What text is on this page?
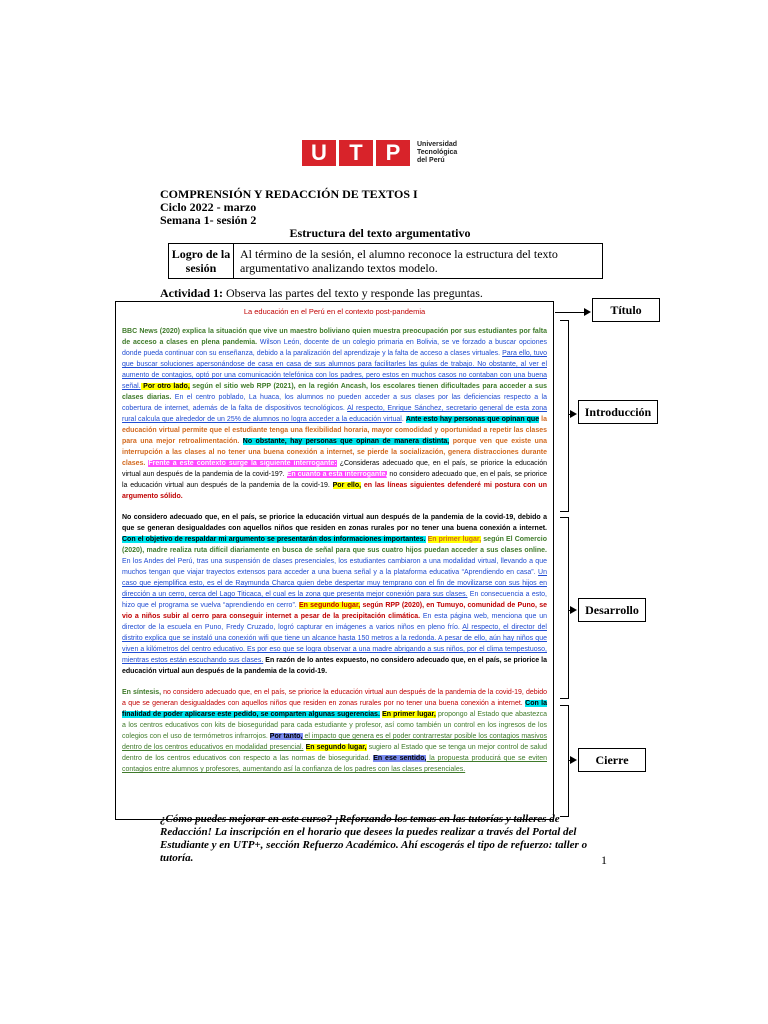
U	T	P	Universidad
Tecnológica
del Perú
COMPRENSIÓN Y REDACCIÓN DE TEXTOS I
Ciclo 2022 - marzo
Semana 1- sesión 2
Estructura del texto argumentativo
Logro de la
sesión
Al término de la sesión, el alumno reconoce la estructura del texto argumentativo analizando textos modelo.
Actividad 1: Observa las partes del texto y responde las preguntas.

La educación en el Perú en el contexto post-pandemia

BBC News (2020) explica la situación que vive un maestro boliviano quien muestra preocupación por sus estudiantes por falta de acceso a clases en plena pandemia. Wilson León, docente de un colegio primaria en Bolivia, se ve forzado a buscar opciones donde pueda continuar con su enseñanza, debido a la paralización del aprendizaje y la falta de acceso a clases virtuales. Para ello, tuvo que buscar soluciones apersonándose de casa en casa de sus alumnos para facilitarles las guías de trabajo. No obstante, al ver el aumento de contagios, optó por una comunicación telefónica con los padres, pero estos en muchos casos no contaban con una buena señal. Por otro lado, según el sitio web RPP (2021), en la región Ancash, los escolares tienen dificultades para acceder a sus clases diarias. En el centro poblado, La huaca, los alumnos no pueden acceder a sus clases por las deficiencias respecto a la cobertura de internet, además de la falta de dispositivos tecnológicos. Al respecto, Enrique Sánchez, secretario general de esta zona rural calcula que alrededor de un 25% de alumnos no logra acceder a la educación virtual. Ante esto hay personas que opinan que la educación virtual permite que el estudiante tenga una flexibilidad horaria, mayor comodidad y oportunidad a repetir las clases para una mejor retroalimentación. No obstante, hay personas que opinan de manera distinta, porque ven que existe una interrupción a las clases al no tener una buena conexión a internet, se pierde la socialización, genera distracciones durante clases. Frente a este contexto surge la siguiente interrogante: ¿Consideras adecuado que, en el país, se priorice la educación virtual aun después de la pandemia de la covid-19?. En cuanto a esta interrogante, no considero adecuado que, en el país, se priorice la educación virtual aun después de la pandemia de la covid-19. Por ello, en las líneas siguientes defenderé mi postura con un argumento sólido.

No considero adecuado que, en el país, se priorice la educación virtual aun después de la pandemia de la covid-19, debido a que se generan desigualdades con aquellos niños que residen en zonas rurales por no tener una buena conexión a internet. Con el objetivo de respaldar mi argumento se presentarán dos informaciones importantes. En primer lugar, según El Comercio (2020), madre realiza ruta difícil diariamente en busca de señal para que sus cuatro hijos puedan acceder a sus clases online. En los Andes del Perú, tras una suspensión de clases presenciales, los estudiantes cambiaron a una modalidad virtual, llevando a que muchos tengan que viajar trayectos extensos para acceder a una buena señal y a la plataforma educativa “Aprendiendo en casa”. Un caso que ejemplifica esto, es el de Raymunda Charca quien debe despertar muy temprano con el fin de movilizarse con sus hijos en dirección a un cerro, cerca del Lago Titicaca, el cual es la zona que presenta mejor conexión para sus clases. En consecuencia a esto, hizo que el programa se vuelva “aprendiendo en cerro”. En segundo lugar, según RPP (2020), en Tumuyo, comunidad de Puno, se vio a niños subir al cerro para conseguir internet a pesar de la precipitación climática. En esta página web, menciona que un director de la escuela en Puno, Fredy Cruzado, logró capturar en imágenes a varios niños en pleno frío. Al respecto, el director del distrito explica que se instaló una conexión wifi que tiene un alcance hasta 150 metros a la redonda. A pesar de ello, aún hay niños que viven a kilómetros del centro educativo. Es por eso que se logra observar a una madre abrigando a sus niños, por el clima tempestuoso, mientras estos están escuchando sus clases. En razón de lo antes expuesto, no considero adecuado que, en el país, se priorice la educación virtual aun después de la pandemia de la covid-19.

En síntesis, no considero adecuado que, en el país, se priorice la educación virtual aun después de la pandemia de la covid-19, debido a que se generan desigualdades con aquellos niños que residen en zonas rurales por no tener una buena conexión a internet. Con la finalidad de poder aplicarse este pedido, se comparten algunas sugerencias. En primer lugar, propongo al Estado que abastezca a los centros educativos con kits de bioseguridad para cada estudiante y profesor, así como también un control en los ingresos de los colegios con el uso de termómetros infrarrojos. Por tanto, el impacto que genera es el poder contrarrestar posible los contagios masivos dentro de los centros educativos en modalidad presencial. En segundo lugar, sugiero al Estado que se tenga un mejor control de salud dentro de los centros educativos con respecto a las normas de bioseguridad. En ese sentido, la propuesta producirá que se eviten contagios entre alumnos y profesores, aumentando así la confianza de los padres con las clases presenciales.

Título
Introducción
Desarrollo
Cierre
¿Cómo puedes mejorar en este curso? ¡Reforzando los temas en las tutorías y talleres de Redacción! La inscripción en el horario que desees la puedes realizar a través del Portal del Estudiante y en UTP+, sección Refuerzo Académico. Ahí escogerás el tipo de refuerzo: taller o tutoría.	1
